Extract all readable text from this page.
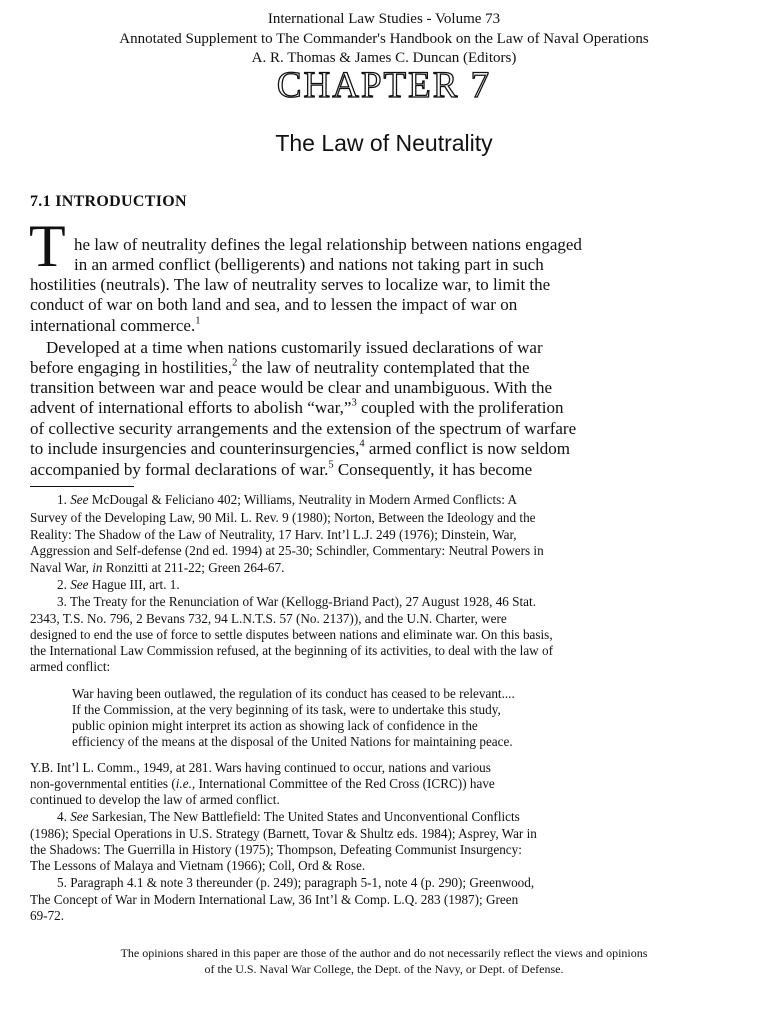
International Law Studies - Volume 73
Annotated Supplement to The Commander's Handbook on the Law of Naval Operations
A. R. Thomas & James C. Duncan (Editors)
CHAPTER 7
The Law of Neutrality
7.1 INTRODUCTION
T he law of neutrality defines the legal relationship between nations engaged
in an armed conflict (belligerents) and nations not taking part in such
hostilities (neutrals). The law of neutrality serves to localize war, to limit the
conduct of war on both land and sea, and to lessen the impact of war on
international commerce.$^1$
Developed at a time when nations customarily issued declarations of war
before engaging in hostilities,$^2$ the law of neutrality contemplated that the
transition between war and peace would be clear and unambiguous. With the
advent of international efforts to abolish “war,”$^3$ coupled with the proliferation
of collective security arrangements and the extension of the spectrum of warfare
to include insurgencies and counterinsurgencies,$^4$ armed conflict is now seldom
accompanied by formal declarations of war.$^5$ Consequently, it has become
1. See McDougal & Feliciano 402; Williams, Neutrality in Modern Armed Conflicts: A
Survey of the Developing Law, 90 Mil. L. Rev. 9 (1980); Norton, Between the Ideology and the
Reality: The Shadow of the Law of Neutrality, 17 Harv. Int’l L.J. 249 (1976); Dinstein, War,
Aggression and Self-defense (2nd ed. 1994) at 25-30; Schindler, Commentary: Neutral Powers in
Naval War, in Ronzitti at 211-22; Green 264-67.
2. See Hague III, art. 1.
3. The Treaty for the Renunciation of War (Kellogg-Briand Pact), 27 August 1928, 46 Stat.
2343, T.S. No. 796, 2 Bevans 732, 94 L.N.T.S. 57 (No. 2137)), and the U.N. Charter, were
designed to end the use of force to settle disputes between nations and eliminate war. On this basis,
the International Law Commission refused, at the beginning of its activities, to deal with the law of
armed conflict:
War having been outlawed, the regulation of its conduct has ceased to be relevant....
If the Commission, at the very beginning of its task, were to undertake this study,
public opinion might interpret its action as showing lack of confidence in the
efficiency of the means at the disposal of the United Nations for maintaining peace.
Y.B. Int’l L. Comm., 1949, at 281. Wars having continued to occur, nations and various
non-governmental entities (i.e., International Committee of the Red Cross (ICRC)) have
continued to develop the law of armed conflict.
4. See Sarkesian, The New Battlefield: The United States and Unconventional Conflicts
(1986); Special Operations in U.S. Strategy (Barnett, Tovar & Shultz eds. 1984); Asprey, War in
the Shadows: The Guerrilla in History (1975); Thompson, Defeating Communist Insurgency:
The Lessons of Malaya and Vietnam (1966); Coll, Ord & Rose.
5. Paragraph 4.1 & note 3 thereunder (p. 249); paragraph 5-1, note 4 (p. 290); Greenwood,
The Concept of War in Modern International Law, 36 Int’l & Comp. L.Q. 283 (1987); Green
69-72.
The opinions shared in this paper are those of the author and do not necessarily reflect the views and opinions
of the U.S. Naval War College, the Dept. of the Navy, or Dept. of Defense.
